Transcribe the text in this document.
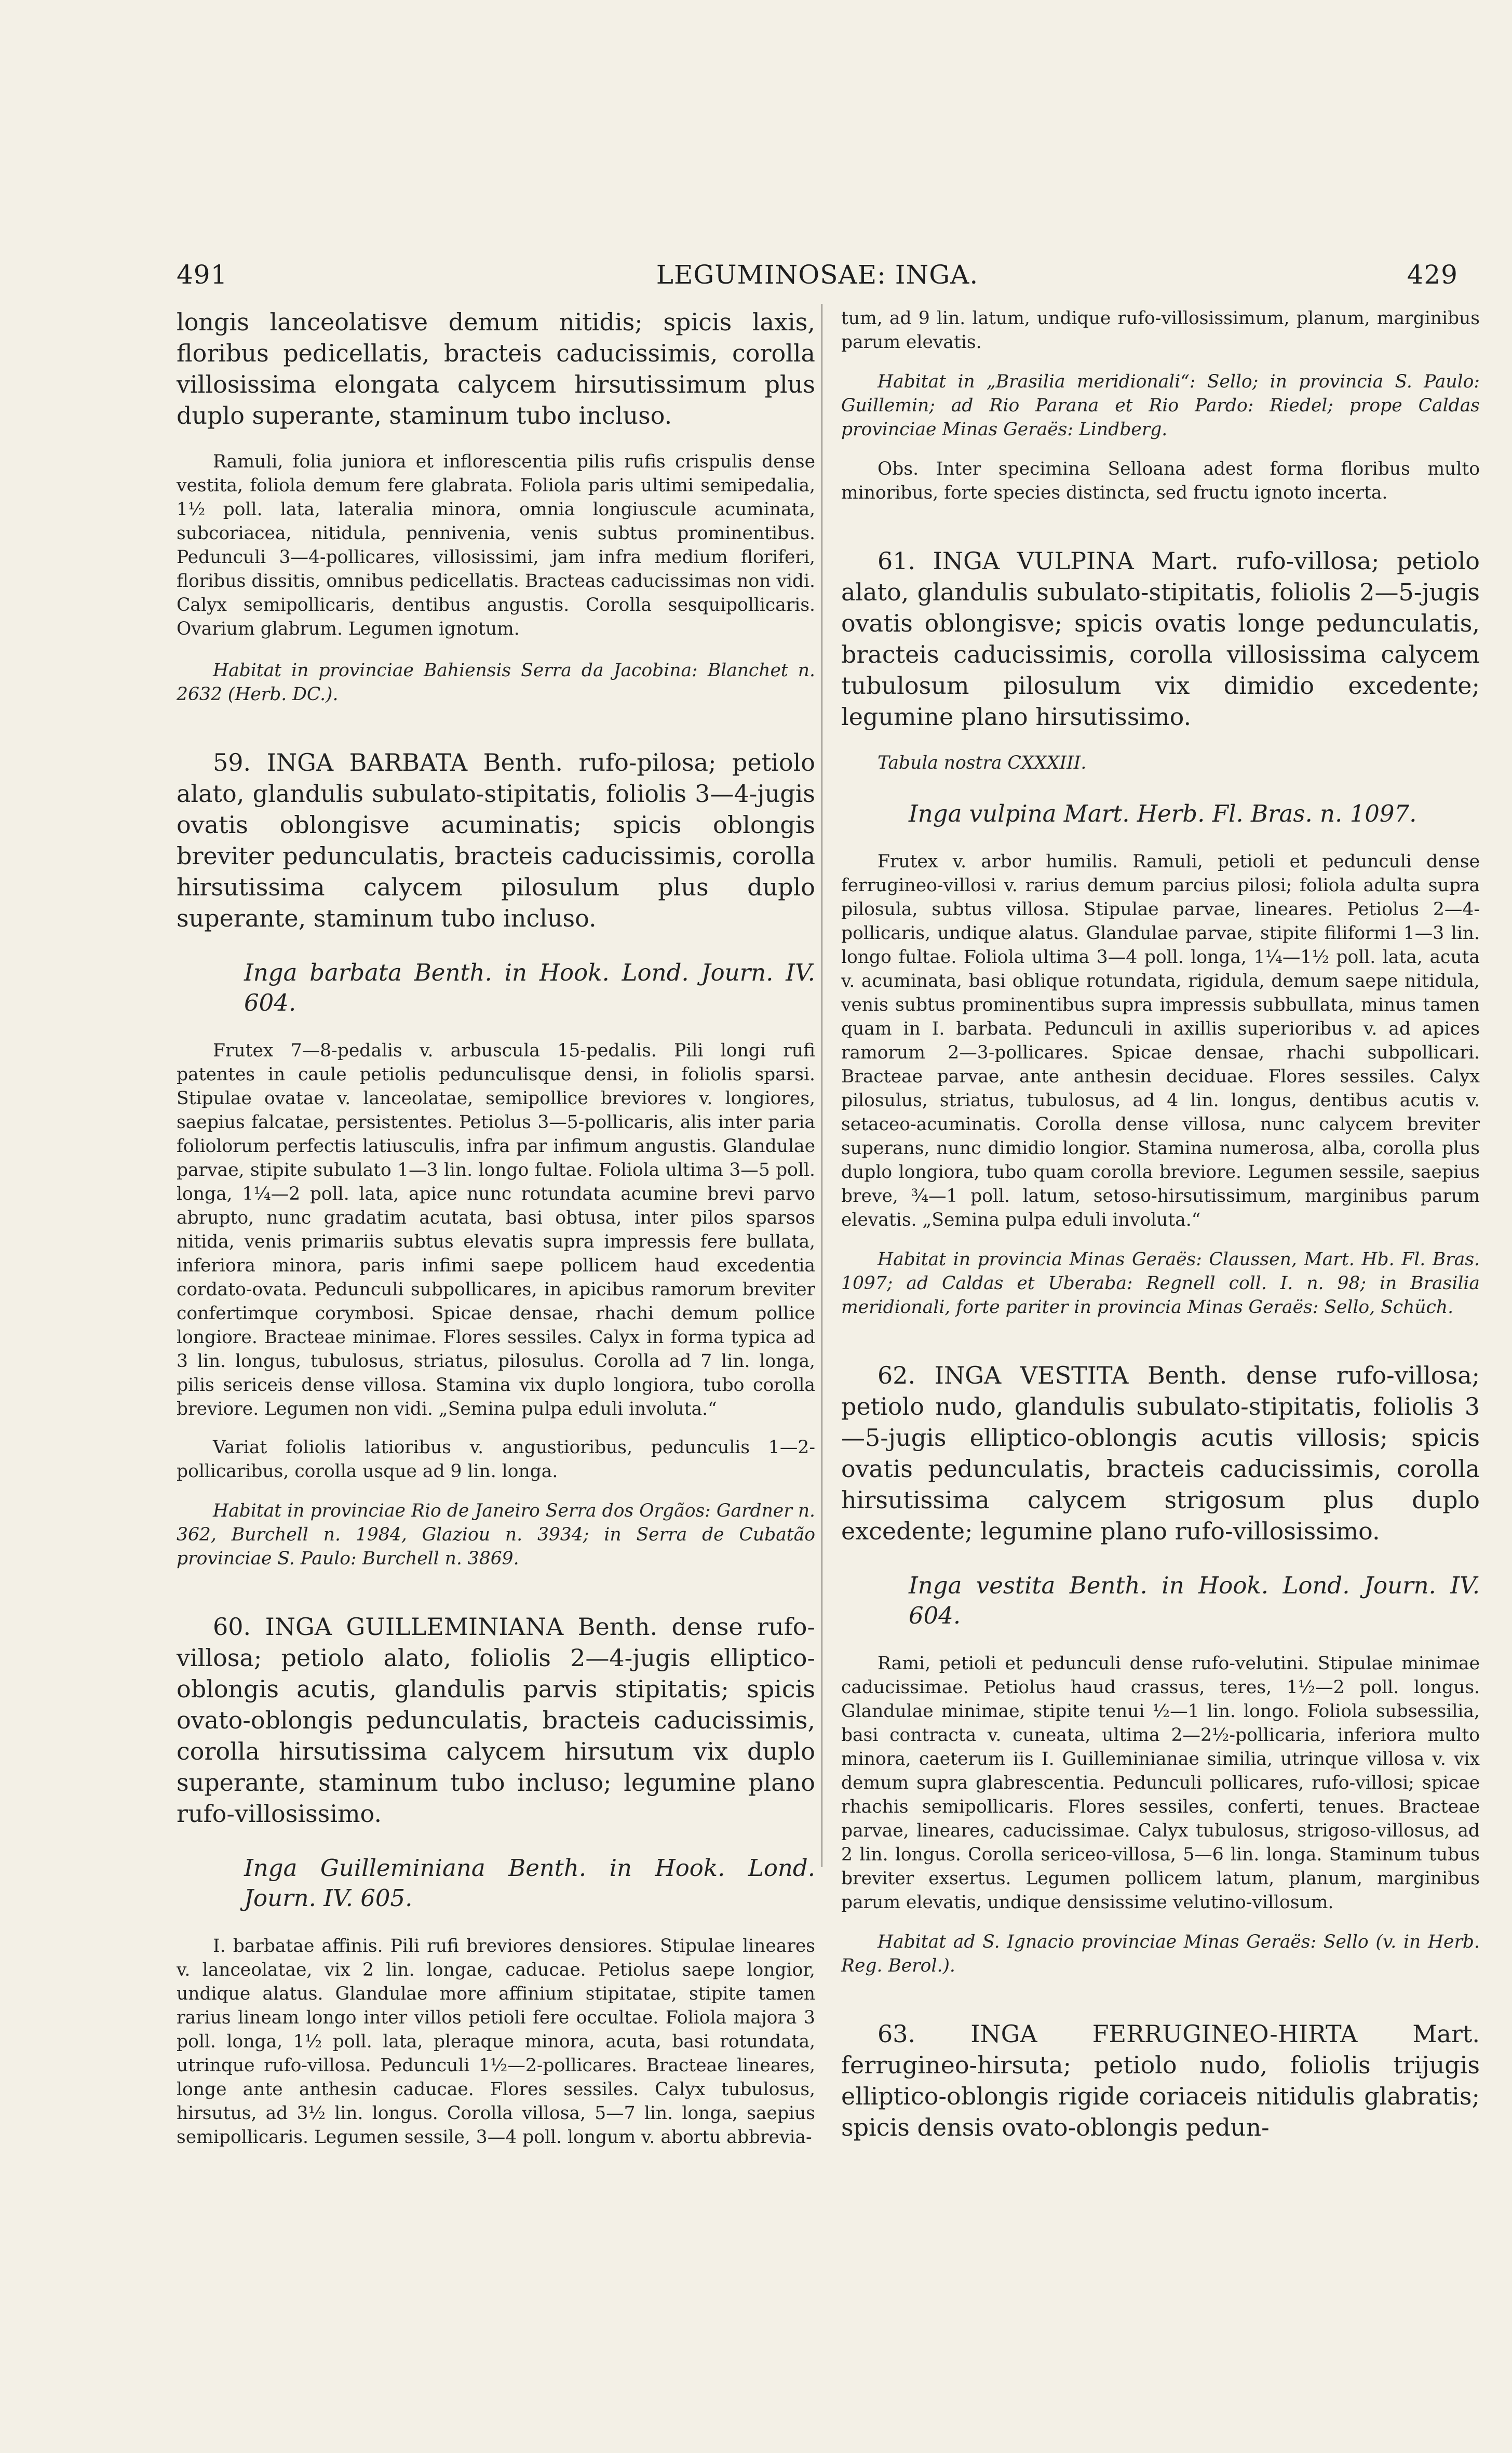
491	LEGUMINOSAE: INGA.	429

longis lanceolatisve demum nitidis; spicis laxis, floribus pedicellatis, bracteis caducissimis, corolla villosissima elongata calycem hirsutissimum plus duplo superante, staminum tubo incluso.

Ramuli, folia juniora et inflorescentia pilis rufis crispulis dense vestita, foliola demum fere glabrata. Foliola paris ultimi semipedalia, 1½ poll. lata, lateralia minora, omnia longiuscule acuminata, subcoriacea, nitidula, pennivenia, venis subtus prominentibus. Pedunculi 3—4-pollicares, villosissimi, jam infra medium floriferi, floribus dissitis, omnibus pedicellatis. Bracteas caducissimas non vidi. Calyx semipollicaris, dentibus angustis. Corolla sesquipollicaris. Ovarium glabrum. Legumen ignotum.

Habitat in provinciae Bahiensis Serra da Jacobina: Blanchet n. 2632 (Herb. DC.).

59. INGA BARBATA Benth. rufo-pilosa; petiolo alato, glandulis subulato-stipitatis, foliolis 3—4-jugis ovatis oblongisve acuminatis; spicis oblongis breviter pedunculatis, bracteis caducissimis, corolla hirsutissima calycem pilosulum plus duplo superante, staminum tubo incluso.

Inga barbata Benth. in Hook. Lond. Journ. IV. 604.

Frutex 7—8-pedalis v. arbuscula 15-pedalis. Pili longi rufi patentes in caule petiolis pedunculisque densi, in foliolis sparsi. Stipulae ovatae v. lanceolatae, semipollice breviores v. longiores, saepius falcatae, persistentes. Petiolus 3—5-pollicaris, alis inter paria foliolorum perfectis latiusculis, infra par infimum angustis. Glandulae parvae, stipite subulato 1—3 lin. longo fultae. Foliola ultima 3—5 poll. longa, 1¼—2 poll. lata, apice nunc rotundata acumine brevi parvo abrupto, nunc gradatim acutata, basi obtusa, inter pilos sparsos nitida, venis primariis subtus elevatis supra impressis fere bullata, inferiora minora, paris infimi saepe pollicem haud excedentia cordato-ovata. Pedunculi subpollicares, in apicibus ramorum breviter confertimque corymbosi. Spicae densae, rhachi demum pollice longiore. Bracteae minimae. Flores sessiles. Calyx in forma typica ad 3 lin. longus, tubulosus, striatus, pilosulus. Corolla ad 7 lin. longa, pilis sericeis dense villosa. Stamina vix duplo longiora, tubo corolla breviore. Legumen non vidi. „Semina pulpa eduli involuta.“

Variat foliolis latioribus v. angustioribus, pedunculis 1—2-pollicaribus, corolla usque ad 9 lin. longa.

Habitat in provinciae Rio de Janeiro Serra dos Orgãos: Gardner n. 362, Burchell n. 1984, Glaziou n. 3934; in Serra de Cubatão provinciae S. Paulo: Burchell n. 3869.

60. INGA GUILLEMINIANA Benth. dense rufo-villosa; petiolo alato, foliolis 2—4-jugis elliptico-oblongis acutis, glandulis parvis stipitatis; spicis ovato-oblongis pedunculatis, bracteis caducissimis, corolla hirsutissima calycem hirsutum vix duplo superante, staminum tubo incluso; legumine plano rufo-villosissimo.

Inga Guilleminiana Benth. in Hook. Lond. Journ. IV. 605.

I. barbatae affinis. Pili rufi breviores densiores. Stipulae lineares v. lanceolatae, vix 2 lin. longae, caducae. Petiolus saepe longior, undique alatus. Glandulae more affinium stipitatae, stipite tamen rarius lineam longo inter villos petioli fere occultae. Foliola majora 3 poll. longa, 1½ poll. lata, pleraque minora, acuta, basi rotundata, utrinque rufo-villosa. Pedunculi 1½—2-pollicares. Bracteae lineares, longe ante anthesin caducae. Flores sessiles. Calyx tubulosus, hirsutus, ad 3½ lin. longus. Corolla villosa, 5—7 lin. longa, saepius semipollicaris. Legumen sessile, 3—4 poll. longum v. abortu abbrevia-

tum, ad 9 lin. latum, undique rufo-villosissimum, planum, marginibus parum elevatis.

Habitat in „Brasilia meridionali“: Sello; in provincia S. Paulo: Guillemin; ad Rio Parana et Rio Pardo: Riedel; prope Caldas provinciae Minas Geraës: Lindberg.

Obs. Inter specimina Selloana adest forma floribus multo minoribus, forte species distincta, sed fructu ignoto incerta.

61. INGA VULPINA Mart. rufo-villosa; petiolo alato, glandulis subulato-stipitatis, foliolis 2—5-jugis ovatis oblongisve; spicis ovatis longe pedunculatis, bracteis caducissimis, corolla villosissima calycem tubulosum pilosulum vix dimidio excedente; legumine plano hirsutissimo.

Tabula nostra CXXXIII.

Inga vulpina Mart. Herb. Fl. Bras. n. 1097.

Frutex v. arbor humilis. Ramuli, petioli et pedunculi dense ferrugineo-villosi v. rarius demum parcius pilosi; foliola adulta supra pilosula, subtus villosa. Stipulae parvae, lineares. Petiolus 2—4-pollicaris, undique alatus. Glandulae parvae, stipite filiformi 1—3 lin. longo fultae. Foliola ultima 3—4 poll. longa, 1¼—1½ poll. lata, acuta v. acuminata, basi oblique rotundata, rigidula, demum saepe nitidula, venis subtus prominentibus supra impressis subbullata, minus tamen quam in I. barbata. Pedunculi in axillis superioribus v. ad apices ramorum 2—3-pollicares. Spicae densae, rhachi subpollicari. Bracteae parvae, ante anthesin deciduae. Flores sessiles. Calyx pilosulus, striatus, tubulosus, ad 4 lin. longus, dentibus acutis v. setaceo-acuminatis. Corolla dense villosa, nunc calycem breviter superans, nunc dimidio longior. Stamina numerosa, alba, corolla plus duplo longiora, tubo quam corolla breviore. Legumen sessile, saepius breve, ¾—1 poll. latum, setoso-hirsutissimum, marginibus parum elevatis. „Semina pulpa eduli involuta.“

Habitat in provincia Minas Geraës: Claussen, Mart. Hb. Fl. Bras. 1097; ad Caldas et Uberaba: Regnell coll. I. n. 98; in Brasilia meridionali, forte pariter in provincia Minas Geraës: Sello, Schüch.

62. INGA VESTITA Benth. dense rufo-villosa; petiolo nudo, glandulis subulato-stipitatis, foliolis 3—5-jugis elliptico-oblongis acutis villosis; spicis ovatis pedunculatis, bracteis caducissimis, corolla hirsutissima calycem strigosum plus duplo excedente; legumine plano rufo-villosissimo.

Inga vestita Benth. in Hook. Lond. Journ. IV. 604.

Rami, petioli et pedunculi dense rufo-velutini. Stipulae minimae caducissimae. Petiolus haud crassus, teres, 1½—2 poll. longus. Glandulae minimae, stipite tenui ½—1 lin. longo. Foliola subsessilia, basi contracta v. cuneata, ultima 2—2½-pollicaria, inferiora multo minora, caeterum iis I. Guilleminianae similia, utrinque villosa v. vix demum supra glabrescentia. Pedunculi pollicares, rufo-villosi; spicae rhachis semipollicaris. Flores sessiles, conferti, tenues. Bracteae parvae, lineares, caducissimae. Calyx tubulosus, strigoso-villosus, ad 2 lin. longus. Corolla sericeo-villosa, 5—6 lin. longa. Staminum tubus breviter exsertus. Legumen pollicem latum, planum, marginibus parum elevatis, undique densissime velutino-villosum.

Habitat ad S. Ignacio provinciae Minas Geraës: Sello (v. in Herb. Reg. Berol.).

63. INGA FERRUGINEO-HIRTA Mart. ferrugineo-hirsuta; petiolo nudo, foliolis trijugis elliptico-oblongis rigide coriaceis nitidulis glabratis; spicis densis ovato-oblongis pedun-
